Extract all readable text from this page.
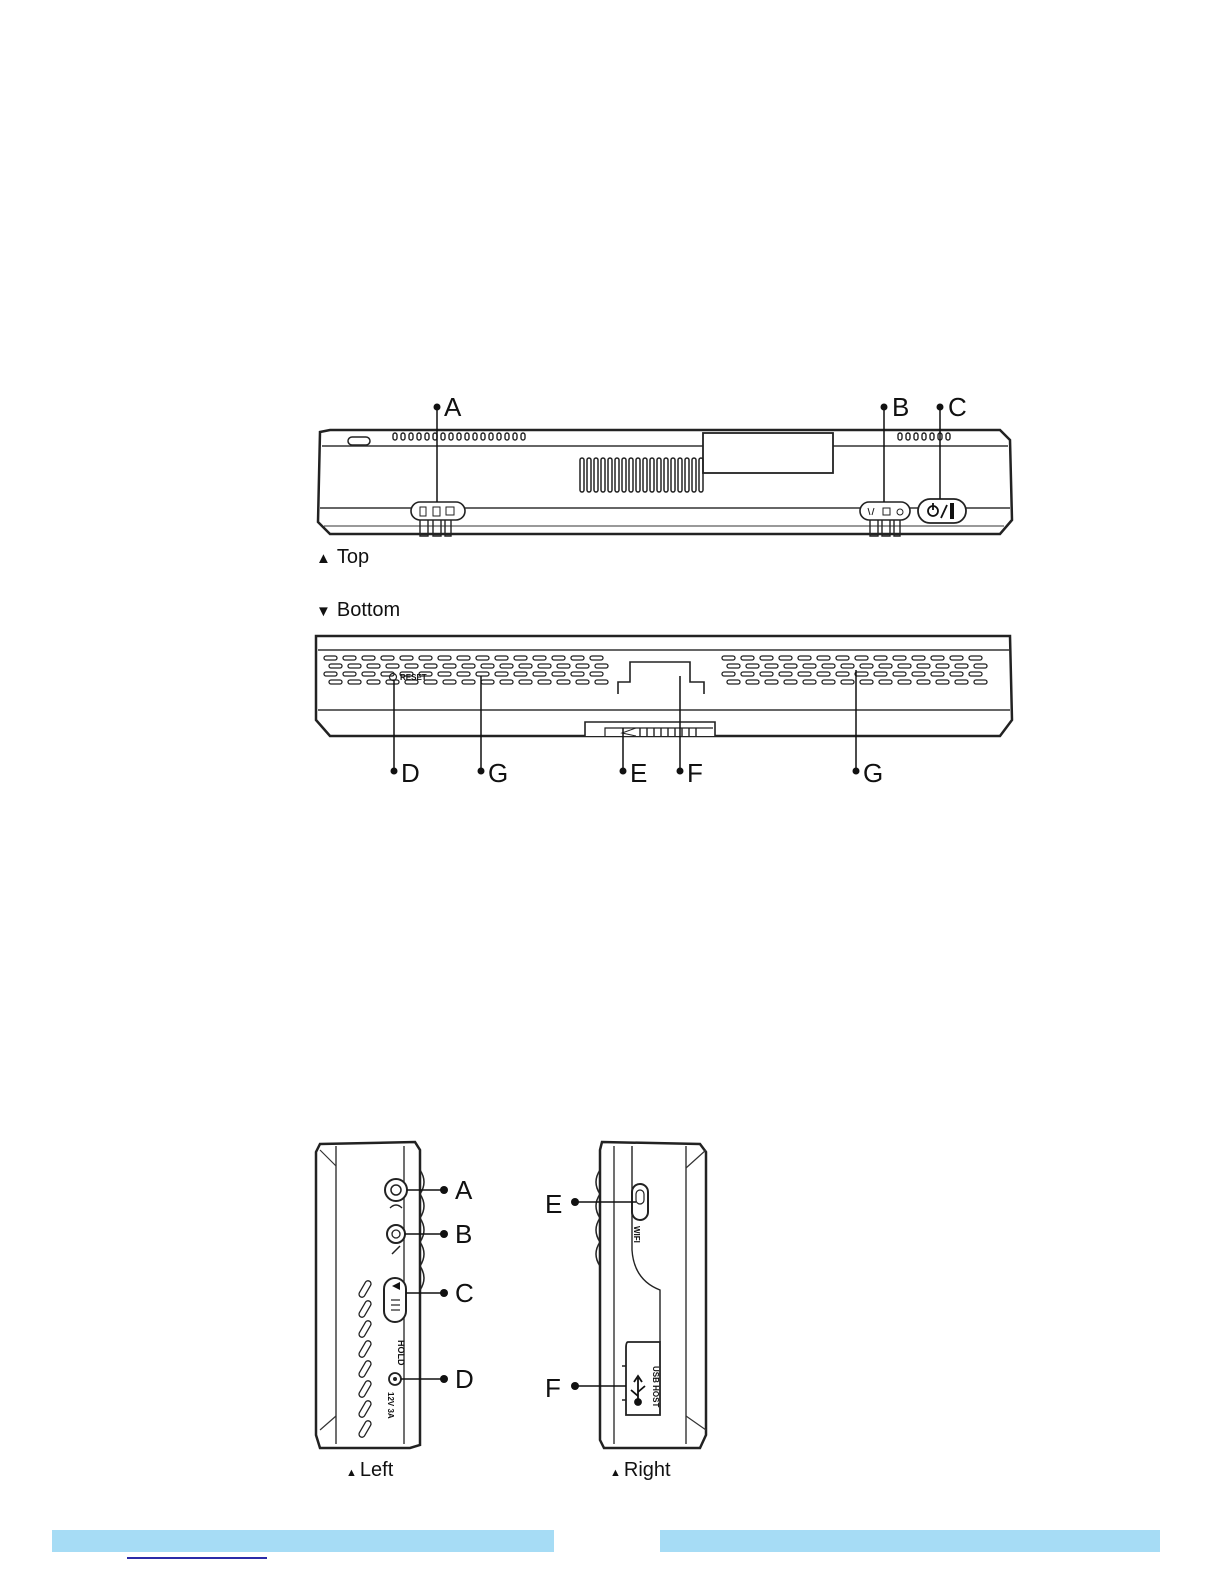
A	B C
▲ Top
▼ Bottom
RESET
D	G	E F	G
HOLD
12V 3A
A
B
C
D
▲ Left
WIFI
USB HOST
E
F
▲ Right
